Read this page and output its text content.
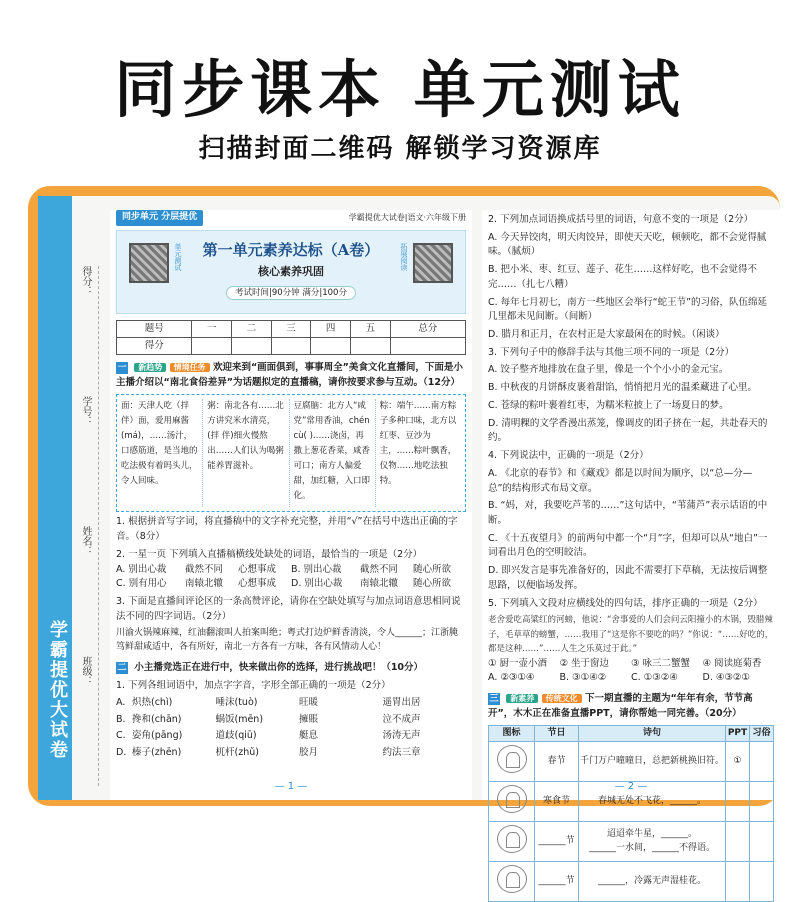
同步课本 单元测试
扫描封面二维码 解锁学习资源库
学霸提优大试卷
得分：
学号：
姓名：
班级：
同步单元 分层提优	学霸提优大试卷|语文·六年级下册
单元测试	拓展阅读
第一单元素养达标（A卷）
核心素养巩固
考试时间|90分钟 满分|100分
题号	一	二	三	四	五	总分
得分						
一 新趋势 情境任务 欢迎来到“画面俱到，事事周全”美食文化直播间，下面是小主播介绍以“南北食俗差异”为话题拟定的直播稿，请你按要求参与互动。（12分）
面：天津人吃（拌 伴）面，爱用麻酱(má)，……汤汁，口感筋道，是当地的吃法极有着吗头儿，令人回味。
粥：南北各有……北方讲究米水清亮，(拌 伴)细火慢熬出……人们认为喝粥能养胃滋补。
豆腐脑：北方人“咸党”常用香油，chén cù( )……浇卤，再撒上葱花香菜，咸香可口；南方人偏爱甜，加红糖，入口即化。
粽：端午……南方粽子多种口味，北方以红枣、豆沙为主，……粽叶飘香，仪物……地吃法独特。
1. 根据拼音写字词，将直播稿中的文字补充完整，并用“√”在括号中选出正确的字音。（8分）
2. 一星一页 下列填入直播稿横线处缺处的词语，最恰当的一项是（2分）
A. 别出心裁	截然不同	心想事成	B. 别出心裁	截然不同	随心所欲
C. 别有用心	南辕北辙	心想事成	D. 别出心裁	南辕北辙	随心所欲
3. 下面是直播间评论区的一条高赞评论，请你在空缺处填写与加点词语意思相同说法不同的四字词语。（2分）
川渝火锅辣麻辣，红油翻滚叫人拍案叫绝；粤式打边炉鲜香清淡，令人______；江浙腌笃鲜甜咸适中，各有所好，南北一方各有一方味，各有风情动人心！
二 小主播竞选正在进行中，快来做出你的选择，进行挑战吧！（10分）
1. 下列各组词语中，加点字字音，字形全部正确的一项是（2分）
A. 炽热(chì)	唾沫(tuò)	旺暖	遥胃出居
B. 搀和(chān)	蜗饭(mēn)	擁賬	泣不成声
C. 姿角(pāng)	道歧(qiū)	艇息	汤涛无声
D. 榛子(zhēn)	杌杆(zhǔ)	胶月	约法三章
— 1 —
2. 下列加点词语换成括号里的词语，句意不变的一项是（2分）
A. 今天异饺肉，明天肉饺异，即使天天吃，顿顿吃，都不会觉得腻味。（腻烦）
B. 把小米、枣、红豆、莲子、花生……这样好吃，也不会觉得不完……（扎七八糟）
C. 每年七月初七，南方一些地区会举行“蛇王节”的习俗，队伍绵延几里都未见间断。（间断）
D. 腊月和正月，在农村正是大家最闲在的时候。（闲谈）
3. 下列句子中的修辞手法与其他三项不同的一项是（2分）
A. 饺子整齐地排放在盘子里，像是一个个小小的金元宝。
B. 中秋夜的月饼酥皮裹着甜馅，悄悄把月光的温柔藏进了心里。
C. 苍绿的粽叶裹着红枣，为糯米粒披上了一场夏日的梦。
D. 清明粿的文学香漫出蒸笼，像调皮的团子挤在一起，共赴春天的约。
4. 下列说法中，正确的一项是（2分）
A. 《北京的春节》和《藏戏》都是以时间为顺序，以“总—分—总”的结构形式布局文章。
B. “妈，对，我要吃芦苇的……”这句话中，“苇蒲芦”表示话语的中断。
C. 《十五夜望月》的前两句中都一个“月”字，但却可以从“地白”一词看出月色的空明皎洁。
D. 即兴发言是事先准备好的，因此不需要打下草稿，无法按后调整思路，以便临场发挥。
5. 下列填入文段对应横线处的四句话，排序正确的一项是（2分）
老舍爱吃高粱红的河螃，他说：“舍事爱的人们会问云阳撞小的木锅，毁腊辣子，毛草草的螃蟹，……我用了“这是你不要吃的吗？”你说：“……好吃的，都是这种……”……人生之乐莫过于此。”
① 厨一壶小酒	② 坐于窗边	③ 咏三二蟹蟹	④ 阅读庭菊香
A. ②③①④	B. ③①④②	C. ①③②④	D. ④③②①
三 新素养 传统文化 下一期直播的主题为“年年有余，节节高开”，木木正在准备直播PPT，请你帮她一同完善。（20分）
图标	节日	诗句	PPT	习俗
	春节	千门万户曈曈日，总把新桃换旧符。	①	
	寒食节	春城无处不飞花，______。		
	______节	迢迢牵牛星，______。
______一水间，______不得语。		
	______节	______，冷露无声湿桂花。		
— 2 —
